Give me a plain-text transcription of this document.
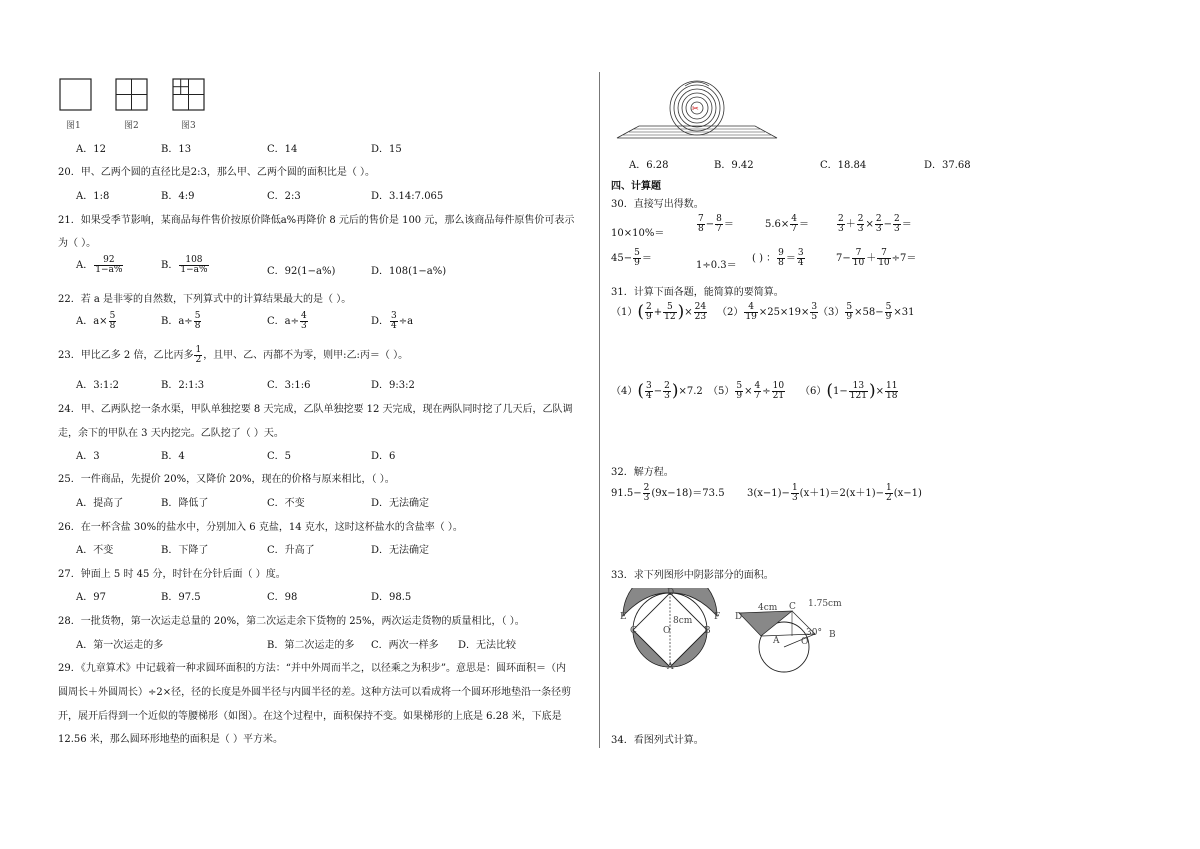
图1	图2	图3
A．12	B．13	C．14	D．15
20．甲、乙两个圆的直径比是2:3，那么甲、乙两个圆的面积比是（ ）。
A．1:8	B．4:9	C．2:3	D．3.14:7.065
21．如果受季节影响，某商品每件售价按原价降低a%再降价 8 元后的售价是 100 元，那么该商品每件原售价可表示
为（ ）。
A． $\frac{92}{1-a\%}$	B． $\frac{108}{1-a\%}$	C．92(1−a%)	D．108(1−a%)
22．若 a 是非零的自然数，下列算式中的计算结果最大的是（ ）。
A．$a\times \frac{5}{8}$	B．$a\div \frac{5}{8}$	C．$a\div \frac{4}{3}$	D． $\frac{3}{4} \div a$
23．甲比乙多 2 倍，乙比丙多 $\frac{1}{2}$ ，且甲、乙、丙都不为零，则甲:乙:丙＝（ ）。
A．3:1:2	B．2:1:3	C．3:1:6	D．9:3:2
24．甲、乙两队挖一条水渠，甲队单独挖要 8 天完成，乙队单独挖要 12 天完成，现在两队同时挖了几天后，乙队调
走，余下的甲队在 3 天内挖完。乙队挖了（ ）天。
A．3	B．4	C．5	D．6
25．一件商品，先提价 20%，又降价 20%，现在的价格与原来相比，（ ）。
A．提高了	B．降低了	C．不变	D．无法确定
26．在一杯含盐 30%的盐水中，分别加入 6 克盐，14 克水，这时这杯盐水的含盐率（ ）。
A．不变	B．下降了	C．升高了	D．无法确定
27．钟面上 5 时 45 分，时针在分针后面（ ）度。
A．97	B．97.5	C．98	D．98.5
28．一批货物，第一次运走总量的 20%，第二次运走余下货物的 25%，两次运走货物的质量相比，（ ）。
A．第一次运走的多	B．第二次运走的多 C．两次一样多 D．无法比较
29．《九章算术》中记载着一种求圆环面积的方法：“并中外周而半之，以径乘之为积步”。意思是：圆环面积＝（内
圆周长＋外圆周长）÷2×径，径的长度是外圆半径与内圆半径的差。这种方法可以看成将一个圆环形地垫沿一条径剪
开，展开后得到一个近似的等腰梯形（如图）。在这个过程中，面积保持不变。如果梯形的上底是 6.28 米，下底是
12.56 米，那么圆环形地垫的面积是（ ）平方米。
✂
A．6.28	B．9.42	C．18.84	D．37.68
四、计算题
30．直接写出得数。
10×10%＝	$\frac{7}{8} - \frac{8}{7}$ ＝	$5.6\times \frac{4}{7}$ ＝	$\frac{2}{3} + \frac{2}{3} \times \frac{2}{3} - \frac{2}{3}$ ＝
$45- \frac{5}{9}$ ＝
1÷0.3＝
( ) ： $\frac{9}{8} = \frac{3}{4}$	$7- \frac{7}{10} + \frac{7}{10} \div 7=$
31．计算下面各题，能简算的要简算。
$(1)( \frac{2}{9} + \frac{5}{12}$ )× $\frac{24}{23} (2) \frac{4}{19} \times 25\times 19\times \frac{3}{5} (3) \frac{5}{9} \times 58- \frac{5}{9} \times 31$
$(4)( \frac{3}{4} - \frac{2}{3} )\times 7.2$ $(5) \frac{5}{9} \times \frac{4}{7} \div \frac{10}{21} (6)(1- \frac{13}{121}$ )× $\frac{11}{18}$
32．解方程。
$91.5- \frac{2}{3} (9x-18)=73.5$ $3(x-1)- \frac{1}{3} (x+1)=2(x+1)- \frac{1}{2} (x-1)$
33．求下列图形中阴影部分的面积。
E
D
F
C	B
8cm
O
A
D
4cm C 1.75cm
30° B
A O
34．看图列式计算。
